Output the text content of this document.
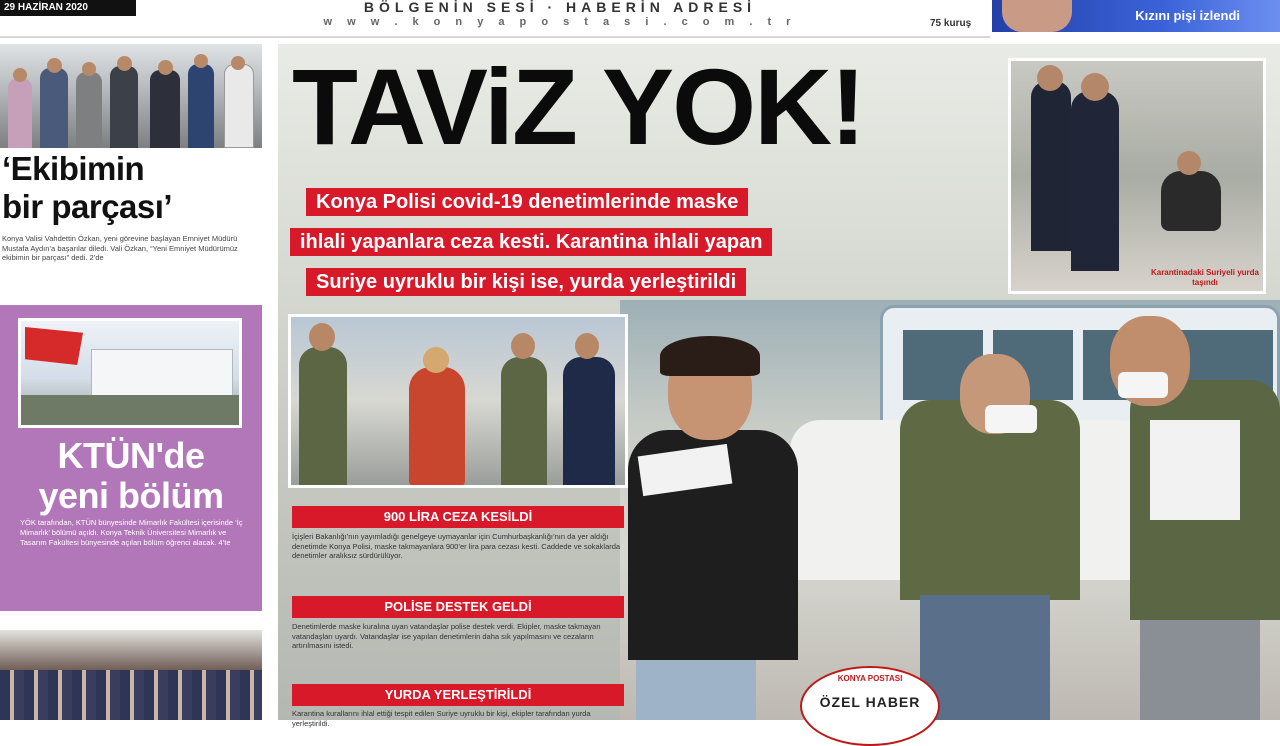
29 HAZİRAN 2020	BÖLGENİN SESİ · HABERİN ADRESİ
w w w . k o n y a p o s t a s i . c o m . t r	75 kuruş
Kızını pişi izlendi
‘Ekibimin
bir parçası’
Konya Valisi Vahdettin Özkan, yeni görevine başlayan Emniyet Müdürü Mustafa Aydın’a başarılar diledi. Vali Özkan, “Yeni Emniyet Müdürümüz ekibimin bir parçası” dedi. 2’de
KTÜN'de
yeni bölüm
YÖK tarafından, KTÜN bünyesinde Mimarlık Fakültesi içerisinde ‘İç Mimarlık’ bölümü açıldı. Konya Teknik Üniversitesi Mimarlık ve Tasarım Fakültesi bünyesinde açılan bölüm öğrenci alacak. 4’te
TAViZ YOK!
Konya Polisi covid-19 denetimlerinde maske
ihlali yapanlara ceza kesti. Karantina ihlali yapan
Suriye uyruklu bir kişi ise, yurda yerleştirildi	Karantinadaki Suriyeli yurda taşındı
900 LİRA CEZA KESİLDİ
İçişleri Bakanlığı’nın yayımladığı genelgeye uymayanlar için Cumhurbaşkanlığı’nın da yer aldığı denetimde Konya Polisi, maske takmayanlara 900’er lira para cezası kesti. Caddede ve sokaklarda denetimler aralıksız sürdürülüyor.
POLİSE DESTEK GELDİ
Denetimlerde maske kuralına uyan vatandaşlar polise destek verdi. Ekipler, maske takmayan vatandaşları uyardı. Vatandaşlar ise yapılan denetimlerin daha sık yapılmasını ve cezaların artırılmasını istedi.
YURDA YERLEŞTİRİLDİ
Karantina kurallarını ihlal ettiği tespit edilen Suriye uyruklu bir kişi, ekipler tarafından yurda yerleştirildi.
KONYA POSTASI
ÖZEL HABER
